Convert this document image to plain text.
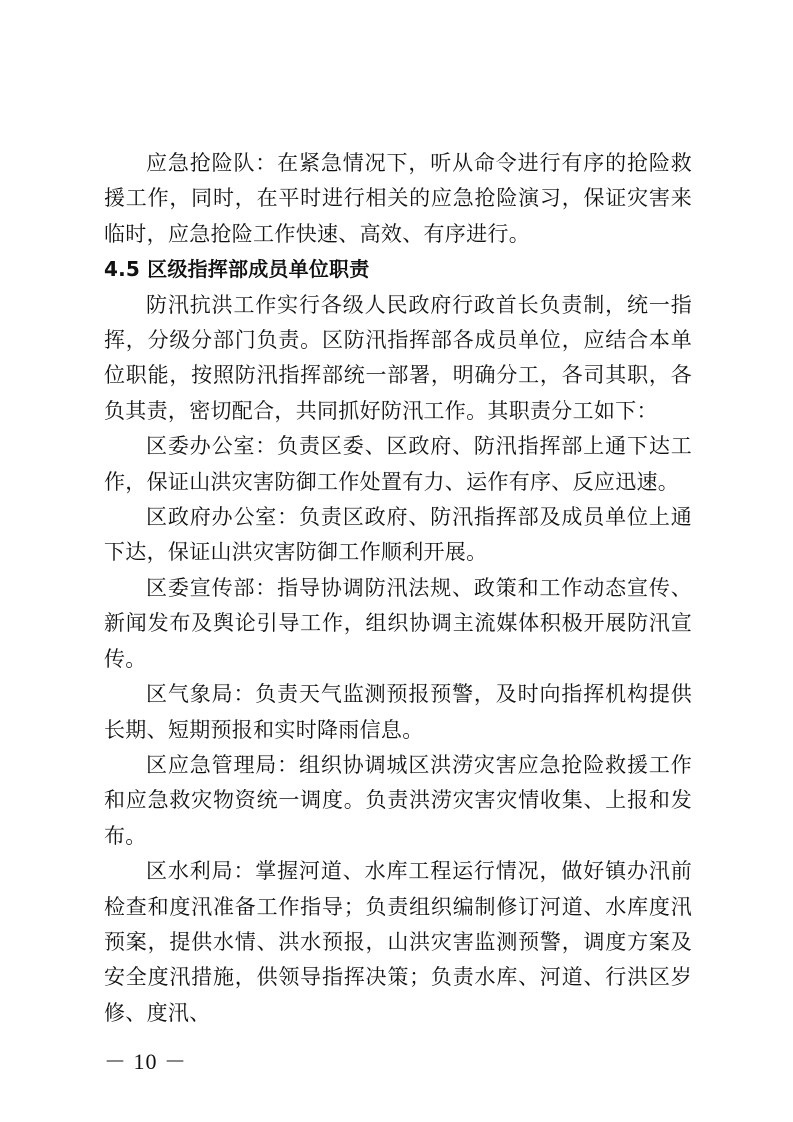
应急抢险队：在紧急情况下，听从命令进行有序的抢险救援工作，同时，在平时进行相关的应急抢险演习，保证灾害来临时，应急抢险工作快速、高效、有序进行。

4.5 区级指挥部成员单位职责

防汛抗洪工作实行各级人民政府行政首长负责制，统一指挥，分级分部门负责。区防汛指挥部各成员单位，应结合本单位职能，按照防汛指挥部统一部署，明确分工，各司其职，各负其责，密切配合，共同抓好防汛工作。其职责分工如下：

区委办公室：负责区委、区政府、防汛指挥部上通下达工作，保证山洪灾害防御工作处置有力、运作有序、反应迅速。

区政府办公室：负责区政府、防汛指挥部及成员单位上通下达，保证山洪灾害防御工作顺利开展。

区委宣传部：指导协调防汛法规、政策和工作动态宣传、新闻发布及舆论引导工作，组织协调主流媒体积极开展防汛宣传。

区气象局：负责天气监测预报预警，及时向指挥机构提供长期、短期预报和实时降雨信息。

区应急管理局：组织协调城区洪涝灾害应急抢险救援工作和应急救灾物资统一调度。负责洪涝灾害灾情收集、上报和发布。

区水利局：掌握河道、水库工程运行情况，做好镇办汛前检查和度汛准备工作指导；负责组织编制修订河道、水库度汛预案，提供水情、洪水预报，山洪灾害监测预警，调度方案及安全度汛措施，供领导指挥决策；负责水库、河道、行洪区岁修、度汛、

－ 10 －
